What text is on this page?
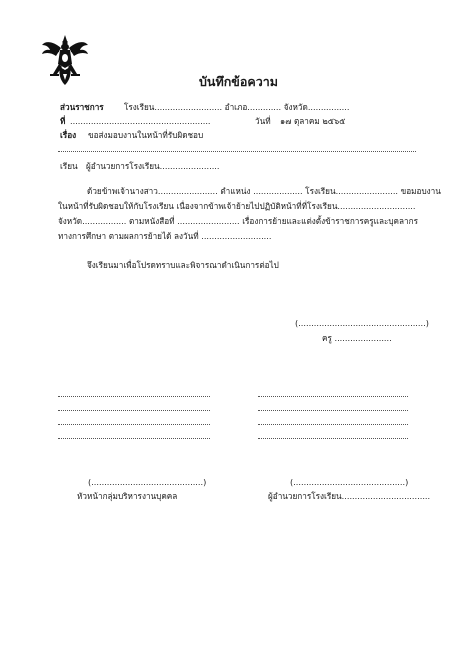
บันทึกข้อความ
ส่วนราชการ โรงเรียน.......................... อำเภอ............. จังหวัด................
ที่ ......................................................	วันที่ ๑๗ ตุลาคม ๒๕๖๕
เรื่อง ขอส่งมอบงานในหน้าที่รับผิดชอบ
เรียน ผู้อำนวยการโรงเรียน.......................
ด้วยข้าพเจ้านางสาว....................... ตำแหน่ง ................... โรงเรียน........................ ขอมอบงาน
ในหน้าที่รับผิดชอบให้กับโรงเรียน เนื่องจากข้าพเจ้าย้ายไปปฏิบัติหน้าที่ที่โรงเรียน..............................
จังหวัด................. ตามหนังสือที่ ........................ เรื่องการย้ายและแต่งตั้งข้าราชการครูและบุคลากร
ทางการศึกษา ตามผลการย้ายได้ ลงวันที่ ...........................
จึงเรียนมาเพื่อโปรดทราบและพิจารณาดำเนินการต่อไป
(.................................................)
ครู ......................
(...........................................)
หัวหน้ากลุ่มบริหารงานบุคคล
(...........................................)
ผู้อำนวยการโรงเรียน..................................
